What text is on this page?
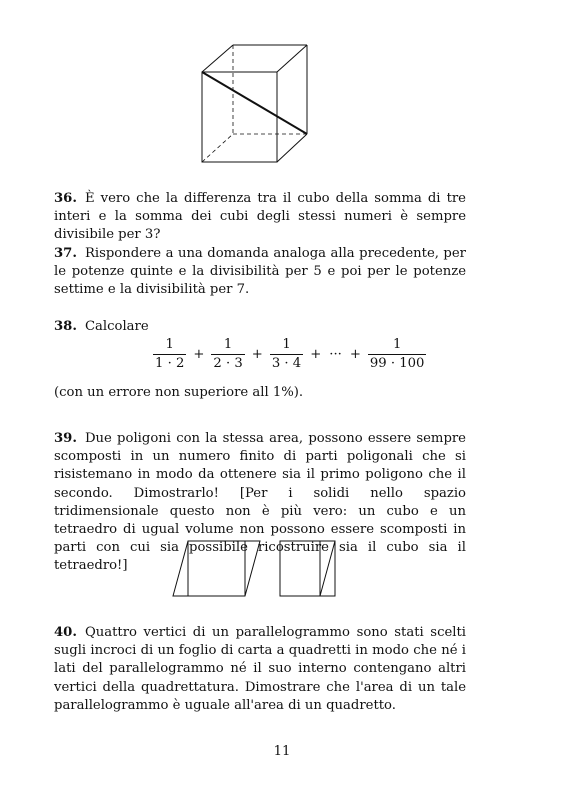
36. È vero che la differenza tra il cubo della somma di tre interi e la somma dei cubi degli stessi numeri è sempre divisibile per 3?
37. Rispondere a una domanda analoga alla precedente, per le potenze quinte e la divisibilità per 5 e poi per le potenze settime e la divisibilità per 7.
38. Calcolare
$\frac{1}{1 \cdot 2} + \frac{1}{2 \cdot 3} + \frac{1}{3 \cdot 4}$ + ··· + $\frac{1}{99 \cdot 100}$
(con un errore non superiore all 1%).
39. Due poligoni con la stessa area, possono essere sempre scomposti in un numero finito di parti poligonali che si risistemano in modo da ottenere sia il primo poligono che il secondo. Dimostrarlo! [Per i solidi nello spazio tridimensionale questo non è più vero: un cubo e un tetraedro di ugual volume non possono essere scomposti in parti con cui sia possibile ricostruire sia il cubo sia il tetraedro!]
40. Quattro vertici di un parallelogrammo sono stati scelti sugli incroci di un foglio di carta a quadretti in modo che né i lati del parallelogrammo né il suo interno contengano altri vertici della quadrettatura. Dimostrare che l'area di un tale parallelogrammo è uguale all'area di un quadretto.
11
